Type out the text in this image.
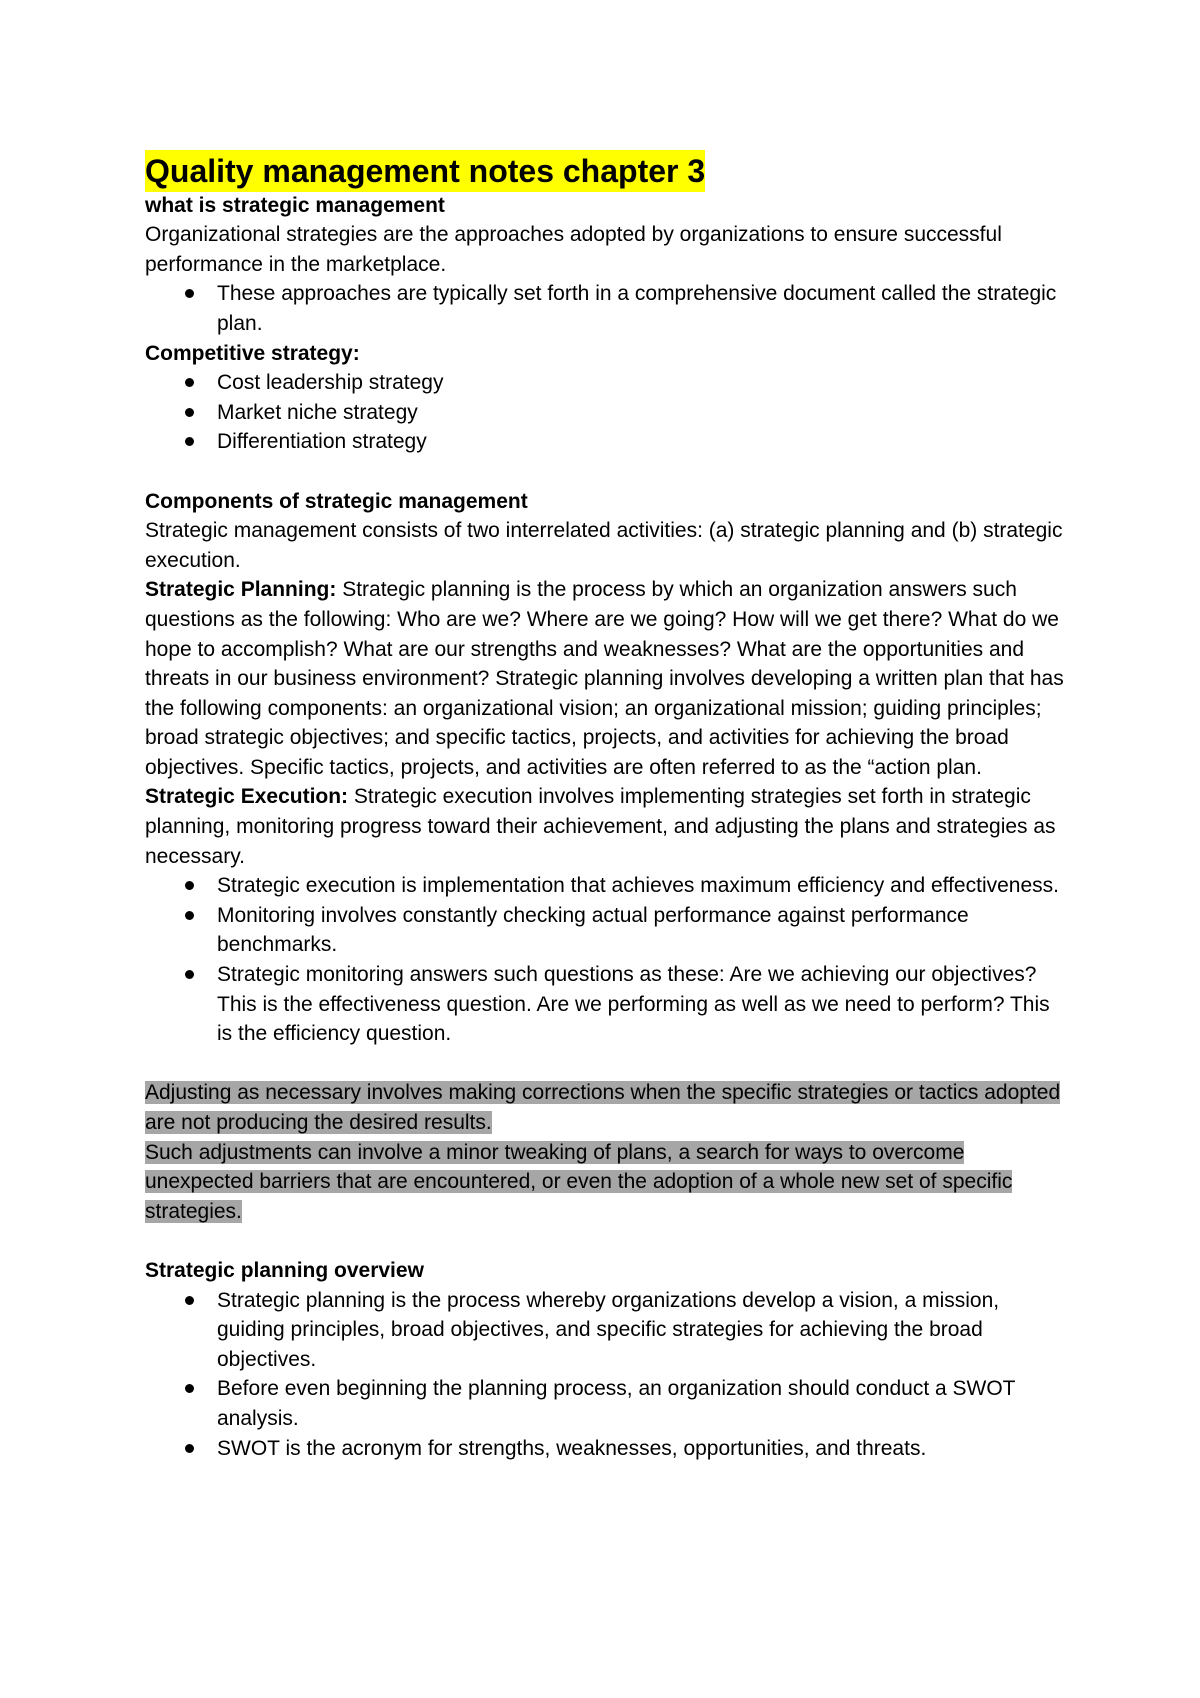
Quality management notes chapter 3
what is strategic management
Organizational strategies are the approaches adopted by organizations to ensure successful performance in the marketplace.
These approaches are typically set forth in a comprehensive document called the strategic plan.
Competitive strategy:
Cost leadership strategy
Market niche strategy
Differentiation strategy
Components of strategic management
Strategic management consists of two interrelated activities: (a) strategic planning and (b) strategic execution.
Strategic Planning: Strategic planning is the process by which an organization answers such questions as the following: Who are we? Where are we going? How will we get there? What do we hope to accomplish? What are our strengths and weaknesses? What are the opportunities and threats in our business environment? Strategic planning involves developing a written plan that has the following components: an organizational vision; an organizational mission; guiding principles; broad strategic objectives; and specific tactics, projects, and activities for achieving the broad objectives. Specific tactics, projects, and activities are often referred to as the “action plan.
Strategic Execution: Strategic execution involves implementing strategies set forth in strategic planning, monitoring progress toward their achievement, and adjusting the plans and strategies as necessary.
Strategic execution is implementation that achieves maximum efficiency and effectiveness.
Monitoring involves constantly checking actual performance against performance benchmarks.
Strategic monitoring answers such questions as these: Are we achieving our objectives? This is the effectiveness question. Are we performing as well as we need to perform? This is the efficiency question.
Adjusting as necessary involves making corrections when the specific strategies or tactics adopted are not producing the desired results.
Such adjustments can involve a minor tweaking of plans, a search for ways to overcome unexpected barriers that are encountered, or even the adoption of a whole new set of specific strategies.
Strategic planning overview
Strategic planning is the process whereby organizations develop a vision, a mission, guiding principles, broad objectives, and specific strategies for achieving the broad objectives.
Before even beginning the planning process, an organization should conduct a SWOT analysis.
SWOT is the acronym for strengths, weaknesses, opportunities, and threats.
